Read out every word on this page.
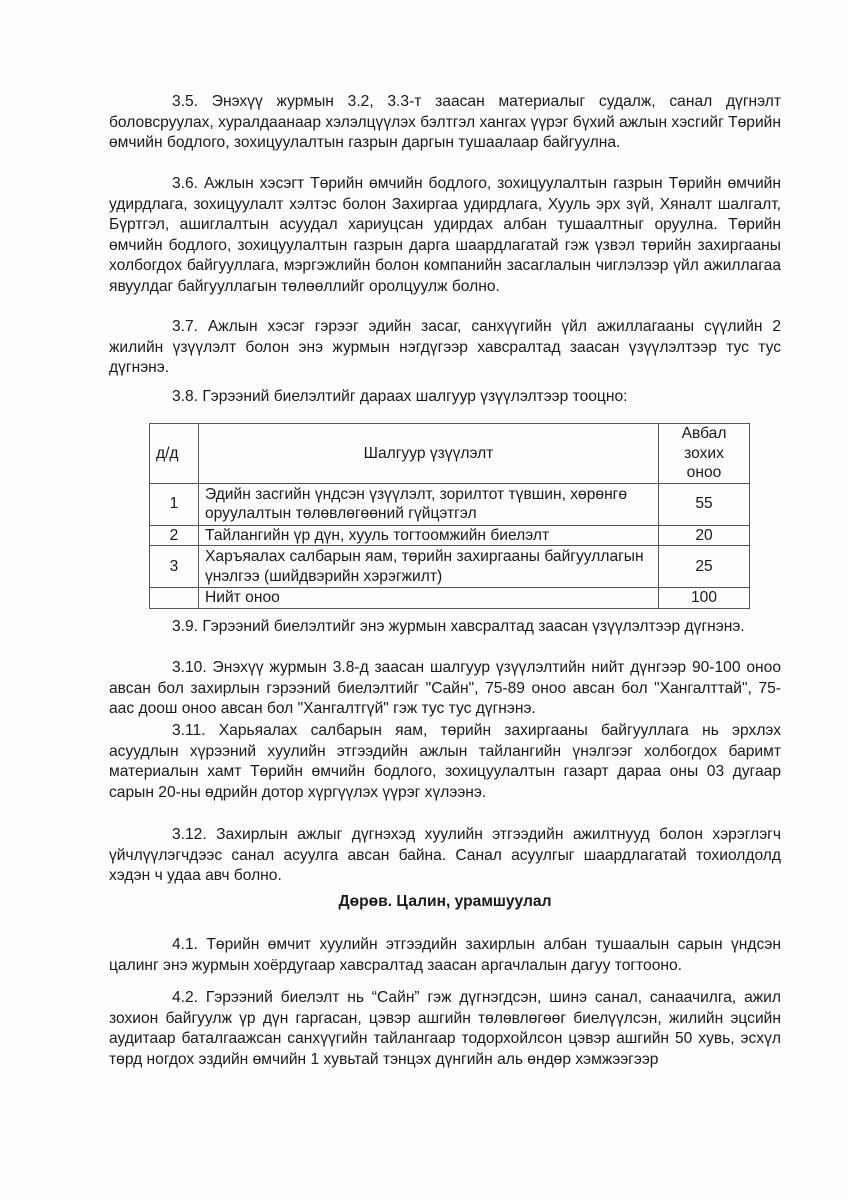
3.5. Энэхүү журмын 3.2, 3.3-т заасан материалыг судалж, санал дүгнэлт боловсруулах, хуралдаанаар хэлэлцүүлэх бэлтгэл хангах үүрэг бүхий ажлын хэсгийг Төрийн өмчийн бодлого, зохицуулалтын газрын даргын тушаалаар байгуулна.

3.6. Ажлын хэсэгт Төрийн өмчийн бодлого, зохицуулалтын газрын Төрийн өмчийн удирдлага, зохицуулалт хэлтэс болон Захиргаа удирдлага, Хууль эрх зүй, Хяналт шалгалт, Бүртгэл, ашиглалтын асуудал хариуцсан удирдах албан тушаалтныг оруулна. Төрийн өмчийн бодлого, зохицуулалтын газрын дарга шаардлагатай гэж үзвэл төрийн захиргааны холбогдох байгууллага, мэргэжлийн болон компанийн засаглалын чиглэлээр үйл ажиллагаа явуулдаг байгууллагын төлөөллийг оролцуулж болно.

3.7. Ажлын хэсэг гэрээг эдийн засаг, санхүүгийн үйл ажиллагааны сүүлийн 2 жилийн үзүүлэлт болон энэ журмын нэгдүгээр хавсралтад заасан үзүүлэлтээр тус тус дүгнэнэ.

3.8. Гэрээний биелэлтийг дараах шалгуур үзүүлэлтээр тооцно:

д/д	Шалгуур үзүүлэлт	Авбал
зохих
оноо

1	Эдийн засгийн үндсэн үзүүлэлт, зорилтот түвшин, хөрөнгө оруулалтын төлөвлөгөөний гүйцэтгэл	55
2	Тайлангийн үр дүн, хууль тогтоомжийн биелэлт	20
3	Харъяалах салбарын яам, төрийн захиргааны байгууллагын үнэлгээ (шийдвэрийн хэрэгжилт)	25
	Нийт оноо	100

3.9. Гэрээний биелэлтийг энэ журмын хавсралтад заасан үзүүлэлтээр дүгнэнэ.

3.10. Энэхүү журмын 3.8-д заасан шалгуур үзүүлэлтийн нийт дүнгээр 90-100 оноо авсан бол захирлын гэрээний биелэлтийг "Сайн", 75-89 оноо авсан бол "Хангалттай", 75-аас доош оноо авсан бол "Хангалтгүй" гэж тус тус дүгнэнэ.

3.11. Харьяалах салбарын яам, төрийн захиргааны байгууллага нь эрхлэх асуудлын хүрээний хуулийн этгээдийн ажлын тайлангийн үнэлгээг холбогдох баримт материалын хамт Төрийн өмчийн бодлого, зохицуулалтын газарт дараа оны 03 дугаар сарын 20-ны өдрийн дотор хүргүүлэх үүрэг хүлээнэ.

3.12. Захирлын ажлыг дүгнэхэд хуулийн этгээдийн ажилтнууд болон хэрэглэгч үйчлүүлэгчдээс санал асуулга авсан байна. Санал асуулгыг шаардлагатай тохиолдолд хэдэн ч удаа авч болно.

Дөрөв. Цалин, урамшуулал

4.1. Төрийн өмчит хуулийн этгээдийн захирлын албан тушаалын сарын үндсэн цалинг энэ журмын хоёрдугаар хавсралтад заасан аргачлалын дагуу тогтооно.

4.2. Гэрээний биелэлт нь “Сайн” гэж дүгнэгдсэн, шинэ санал, санаачилга, ажил зохион байгуулж үр дүн гаргасан, цэвэр ашгийн төлөвлөгөөг биелүүлсэн, жилийн эцсийн аудитаар баталгаажсан санхүүгийн тайлангаар тодорхойлсон цэвэр ашгийн 50 хувь, эсхүл төрд ногдох эздийн өмчийн 1 хувьтай тэнцэх дүнгийн аль өндөр хэмжээгээр
